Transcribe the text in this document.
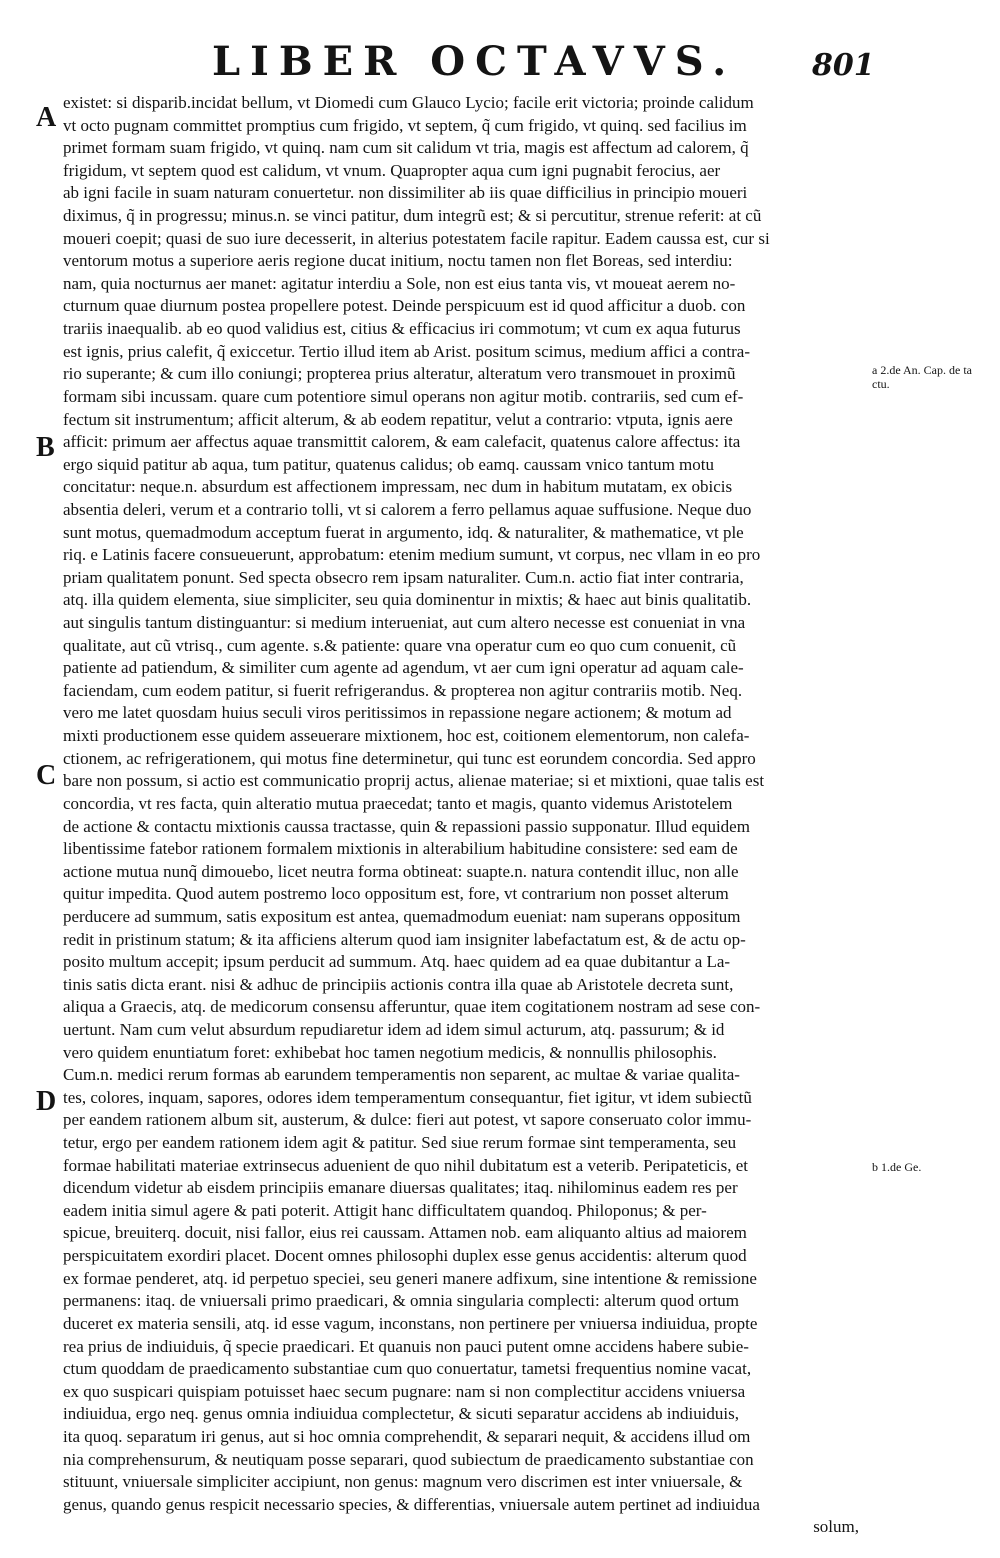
LIBER OCTAVVS.	801
A
B
C
D
a 2.de An. Cap. de ta ctu.
b 1.de Ge.
existet: si disparib.incidat bellum, vt Diomedi cum Glauco Lycio; facile erit victoria; proinde calidum
vt octo pugnam committet promptius cum frigido, vt septem, q̃ cum frigido, vt quinq. sed facilius im
primet formam suam frigido, vt quinq. nam cum sit calidum vt tria, magis est affectum ad calorem, q̃
frigidum, vt septem quod est calidum, vt vnum. Quapropter aqua cum igni pugnabit ferocius, aer
ab igni facile in suam naturam conuertetur. non dissimiliter ab iis quae difficilius in principio moueri
diximus, q̃ in progressu; minus.n. se vinci patitur, dum integrũ est; & si percutitur, strenue referit: at cũ
moueri coepit; quasi de suo iure decesserit, in alterius potestatem facile rapitur. Eadem caussa est, cur si
ventorum motus a superiore aeris regione ducat initium, noctu tamen non flet Boreas, sed interdiu:
nam, quia nocturnus aer manet: agitatur interdiu a Sole, non est eius tanta vis, vt moueat aerem no-
cturnum quae diurnum postea propellere potest. Deinde perspicuum est id quod afficitur a duob. con
trariis inaequalib. ab eo quod validius est, citius & efficacius iri commotum; vt cum ex aqua futurus
est ignis, prius calefit, q̃ exiccetur. Tertio illud item ab Arist. positum scimus, medium affici a contra-
rio superante; & cum illo coniungi; propterea prius alteratur, alteratum vero transmouet in proximũ
formam sibi incussam. quare cum potentiore simul operans non agitur motib. contrariis, sed cum ef-
fectum sit instrumentum; afficit alterum, & ab eodem repatitur, velut a contrario: vtputa, ignis aere
afficit: primum aer affectus aquae transmittit calorem, & eam calefacit, quatenus calore affectus: ita
ergo siquid patitur ab aqua, tum patitur, quatenus calidus; ob eamq. caussam vnico tantum motu
concitatur: neque.n. absurdum est affectionem impressam, nec dum in habitum mutatam, ex obicis
absentia deleri, verum et a contrario tolli, vt si calorem a ferro pellamus aquae suffusione. Neque duo
sunt motus, quemadmodum acceptum fuerat in argumento, idq. & naturaliter, & mathematice, vt ple
riq. e Latinis facere consueuerunt, approbatum: etenim medium sumunt, vt corpus, nec vllam in eo pro
priam qualitatem ponunt. Sed specta obsecro rem ipsam naturaliter. Cum.n. actio fiat inter contraria,
atq. illa quidem elementa, siue simpliciter, seu quia dominentur in mixtis; & haec aut binis qualitatib.
aut singulis tantum distinguantur: si medium interueniat, aut cum altero necesse est conueniat in vna
qualitate, aut cũ vtrisq., cum agente. s.& patiente: quare vna operatur cum eo quo cum conuenit, cũ
patiente ad patiendum, & similiter cum agente ad agendum, vt aer cum igni operatur ad aquam cale-
faciendam, cum eodem patitur, si fuerit refrigerandus. & propterea non agitur contrariis motib. Neq.
vero me latet quosdam huius seculi viros peritissimos in repassione negare actionem; & motum ad
mixti productionem esse quidem asseuerare mixtionem, hoc est, coitionem elementorum, non calefa-
ctionem, ac refrigerationem, qui motus fine determinetur, qui tunc est eorundem concordia. Sed appro
bare non possum, si actio est communicatio proprij actus, alienae materiae; si et mixtioni, quae talis est
concordia, vt res facta, quin alteratio mutua praecedat; tanto et magis, quanto videmus Aristotelem
de actione & contactu mixtionis caussa tractasse, quin & repassioni passio supponatur. Illud equidem
libentissime fatebor rationem formalem mixtionis in alterabilium habitudine consistere: sed eam de
actione mutua nunq̃ dimouebo, licet neutra forma obtineat: suapte.n. natura contendit illuc, non alle
quitur impedita. Quod autem postremo loco oppositum est, fore, vt contrarium non posset alterum
perducere ad summum, satis expositum est antea, quemadmodum eueniat: nam superans oppositum
redit in pristinum statum; & ita afficiens alterum quod iam insigniter labefactatum est, & de actu op-
posito multum accepit; ipsum perducit ad summum. Atq. haec quidem ad ea quae dubitantur a La-
tinis satis dicta erant. nisi & adhuc de principiis actionis contra illa quae ab Aristotele decreta sunt,
aliqua a Graecis, atq. de medicorum consensu afferuntur, quae item cogitationem nostram ad sese con-
uertunt. Nam cum velut absurdum repudiaretur idem ad idem simul acturum, atq. passurum; & id
vero quidem enuntiatum foret: exhibebat hoc tamen negotium medicis, & nonnullis philosophis.
Cum.n. medici rerum formas ab earundem temperamentis non separent, ac multae & variae qualita-
tes, colores, inquam, sapores, odores idem temperamentum consequantur, fiet igitur, vt idem subiectũ
per eandem rationem album sit, austerum, & dulce: fieri aut potest, vt sapore conseruato color immu-
tetur, ergo per eandem rationem idem agit & patitur. Sed siue rerum formae sint temperamenta, seu
formae habilitati materiae extrinsecus aduenient de quo nihil dubitatum est a veterib. Peripateticis, et
dicendum videtur ab eisdem principiis emanare diuersas qualitates; itaq. nihilominus eadem res per
eadem initia simul agere & pati poterit. Attigit hanc difficultatem quandoq. Philoponus; & per-
spicue, breuiterq. docuit, nisi fallor, eius rei caussam. Attamen nob. eam aliquanto altius ad maiorem
perspicuitatem exordiri placet. Docent omnes philosophi duplex esse genus accidentis: alterum quod
ex formae penderet, atq. id perpetuo speciei, seu generi manere adfixum, sine intentione & remissione
permanens: itaq. de vniuersali primo praedicari, & omnia singularia complecti: alterum quod ortum
duceret ex materia sensili, atq. id esse vagum, inconstans, non pertinere per vniuersa indiuidua, propte
rea prius de indiuiduis, q̃ specie praedicari. Et quanuis non pauci putent omne accidens habere subie-
ctum quoddam de praedicamento substantiae cum quo conuertatur, tametsi frequentius nomine vacat,
ex quo suspicari quispiam potuisset haec secum pugnare: nam si non complectitur accidens vniuersa
indiuidua, ergo neq. genus omnia indiuidua complectetur, & sicuti separatur accidens ab indiuiduis,
ita quoq. separatum iri genus, aut si hoc omnia comprehendit, & separari nequit, & accidens illud om
nia comprehensurum, & neutiquam posse separari, quod subiectum de praedicamento substantiae con
stituunt, vniuersale simpliciter accipiunt, non genus: magnum vero discrimen est inter vniuersale, &
genus, quando genus respicit necessario species, & differentias, vniuersale autem pertinet ad indiuidua
solum,
